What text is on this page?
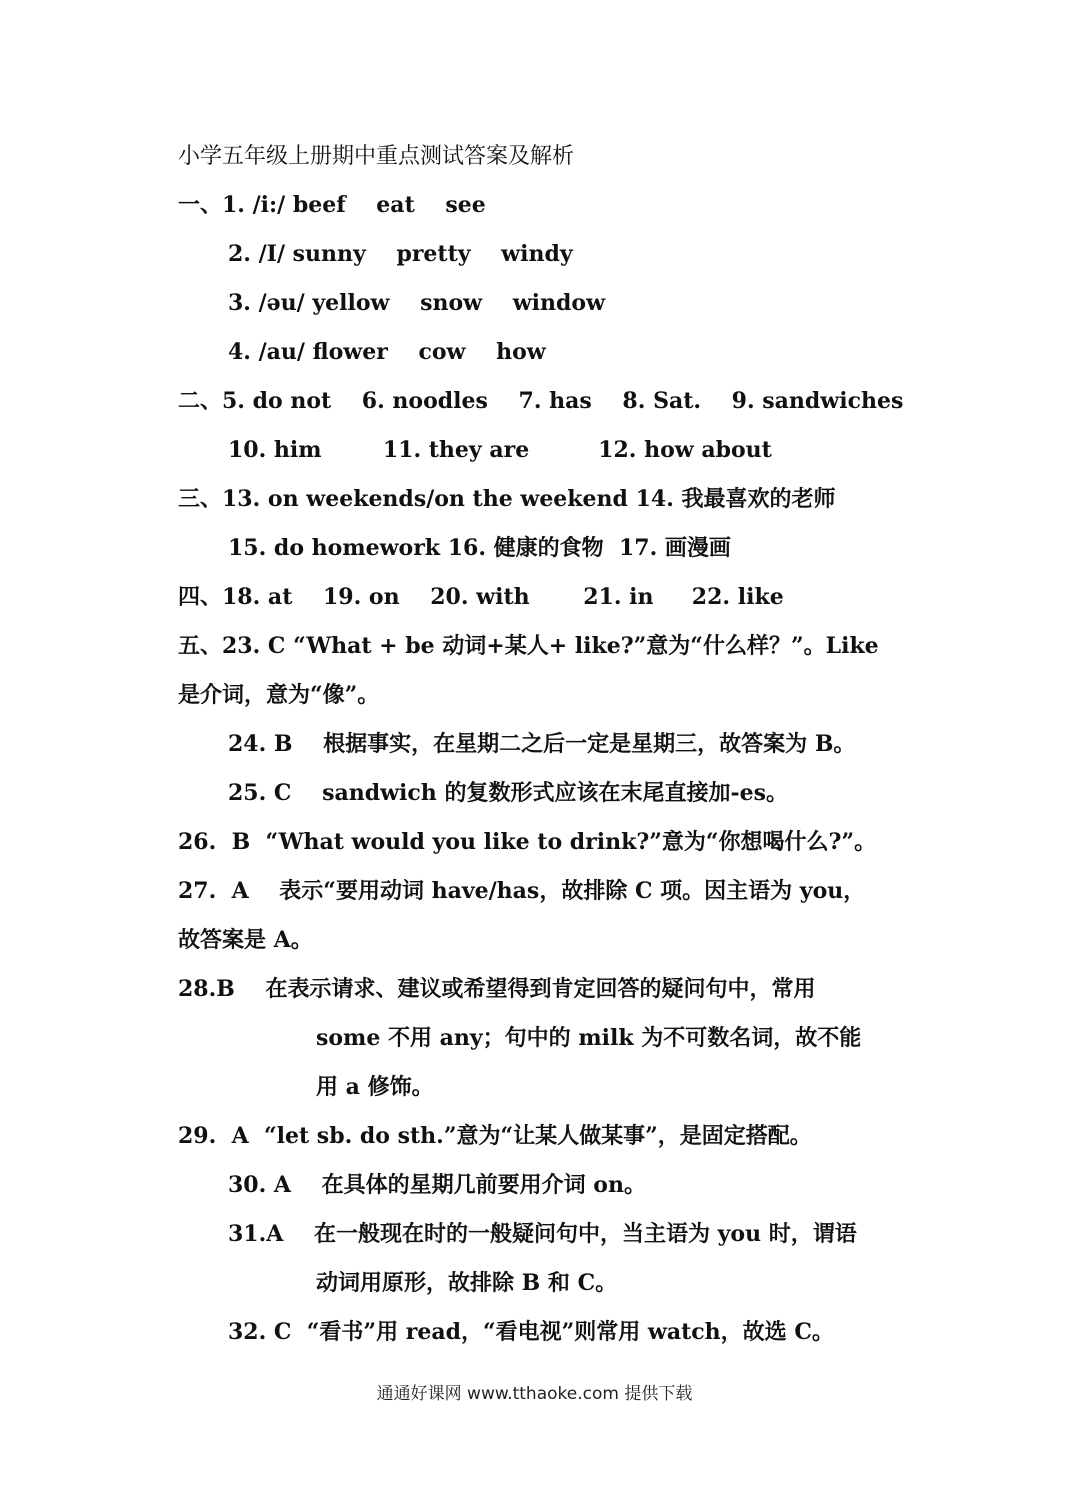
小学五年级上册期中重点测试答案及解析
一、1. /i:/ beef    eat    see
2. /I/ sunny    pretty    windy
3. /əu/ yellow    snow    window
4. /au/ flower    cow    how
二、5. do not    6. noodles    7. has    8. Sat.    9. sandwiches
10. him        11. they are         12. how about
三、13. on weekends/on the weekend 14. 我最喜欢的老师
15. do homework 16. 健康的食物  17. 画漫画
四、18. at    19. on    20. with       21. in     22. like
五、23. C “What + be 动词+某人+ like?”意为“什么样？”。Like
是介词，意为“像”。
24. B    根据事实，在星期二之后一定是星期三，故答案为 B。
25. C    sandwich 的复数形式应该在末尾直接加-es。
26.  B  “What would you like to drink?”意为“你想喝什么?”。
27.  A    表示“要用动词 have/has，故排除 C 项。因主语为 you，
故答案是 A。
28.B    在表示请求、建议或希望得到肯定回答的疑问句中，常用
some 不用 any；句中的 milk 为不可数名词，故不能
用 a 修饰。
29.  A  “let sb. do sth.”意为“让某人做某事”，是固定搭配。
30. A    在具体的星期几前要用介词 on。
31.A    在一般现在时的一般疑问句中，当主语为 you 时，谓语
动词用原形，故排除 B 和 C。
32. C  “看书”用 read，“看电视”则常用 watch，故选 C。
通通好课网 www.tthaoke.com 提供下载
